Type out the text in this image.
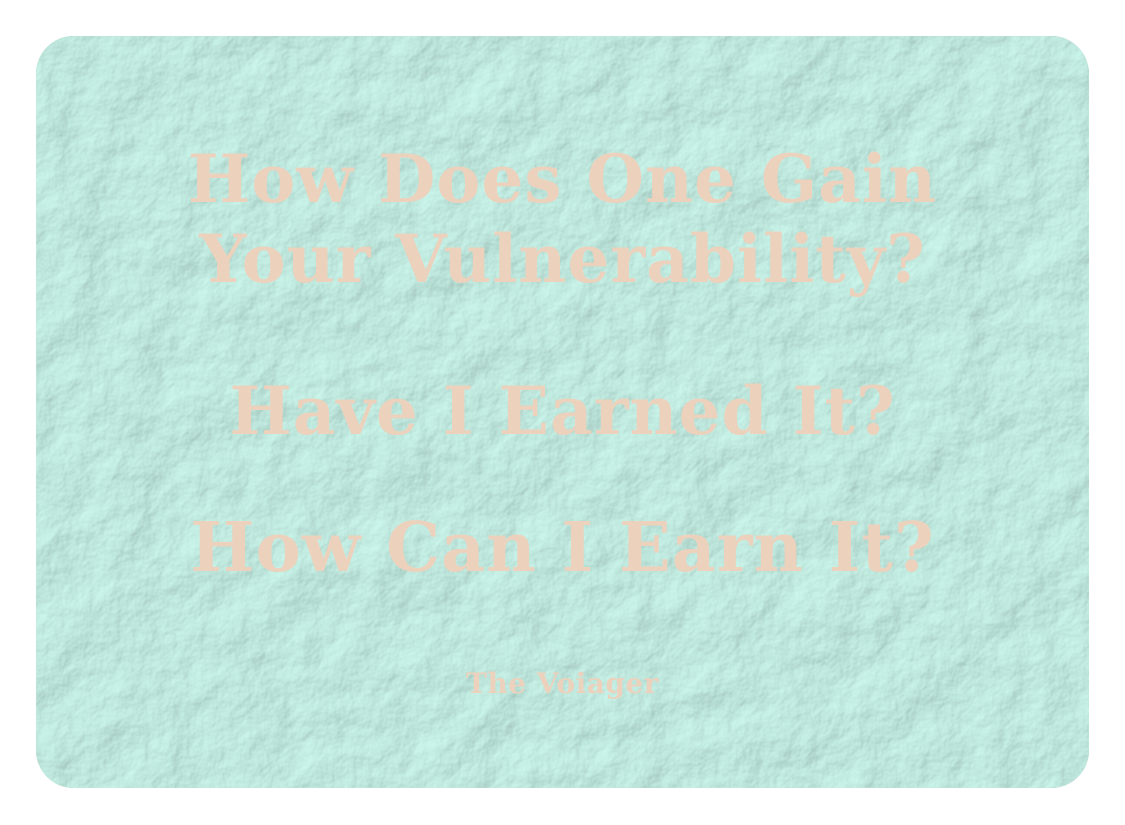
How Does One Gain
Your Vulnerability?
Have I Earned It?
How Can I Earn It?
The Voiager
